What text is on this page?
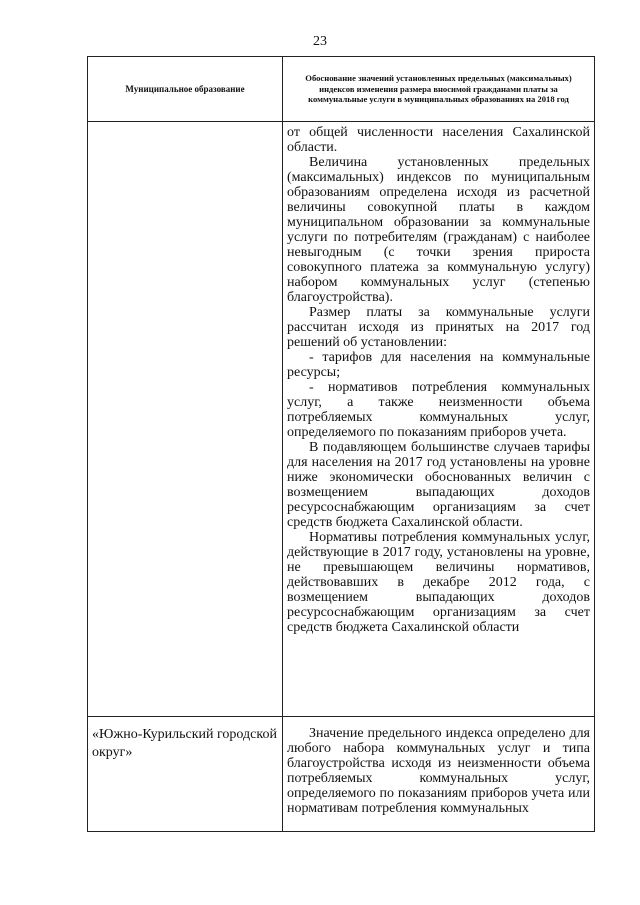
23
Муниципальное образование
Обоснование значений установленных предельных (максимальных) индексов изменения размера вносимой гражданами платы за коммунальные услуги в муниципальных образованиях на 2018 год

от общей численности населения Сахалинской области.

Величина установленных предельных (максимальных) индексов по муниципальным образованиям определена исходя из расчетной величины совокупной платы в каждом муниципальном образовании за коммунальные услуги по потребителям (гражданам) с наиболее невыгодным (с точки зрения прироста совокупного платежа за коммунальную услугу) набором коммунальных услуг (степенью благоустройства).

Размер платы за коммунальные услуги рассчитан исходя из принятых на 2017 год решений об установлении:

- тарифов для населения на коммунальные ресурсы;

- нормативов потребления коммунальных услуг, а также неизменности объема потребляемых коммунальных услуг, определяемого по показаниям приборов учета.

В подавляющем большинстве случаев тарифы для населения на 2017 год установлены на уровне ниже экономически обоснованных величин с возмещением выпадающих доходов ресурсоснабжающим организациям за счет средств бюджета Сахалинской области.

Нормативы потребления коммунальных услуг, действующие в 2017 году, установлены на уровне, не превышающем величины нормативов, действовавших в декабре 2012 года, с возмещением выпадающих доходов ресурсоснабжающим организациям за счет средств бюджета Сахалинской области

«Южно-Курильский городской округ»

Значение предельного индекса определено для любого набора коммунальных услуг и типа благоустройства исходя из неизменности объема потребляемых коммунальных услуг, определяемого по показаниям приборов учета или нормативам потребления коммунальных
